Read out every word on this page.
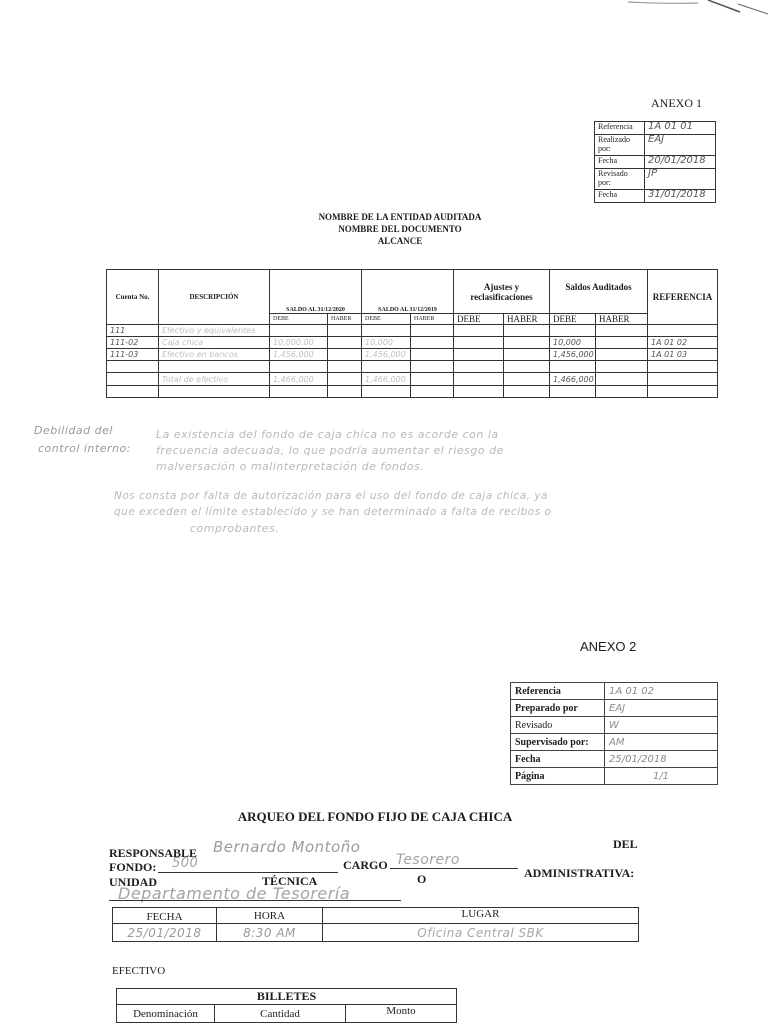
ANEXO 1
Referencia	1A 01 01
Realizado por:	EAJ
Fecha	20/01/2018
Revisado por:	JP
Fecha	31/01/2018
NOMBRE DE LA ENTIDAD AUDITADA
NOMBRE DEL DOCUMENTO
ALCANCE
Cuenta No.	DESCRIPCIÓN	SALDO AL 31/12/2020		SALDO AL 31/12/2019		Ajustes y reclasificaciones		Saldos Auditados		REFERENCIA
		DEBE	HABER	DEBE	HABER	DEBE	HABER	DEBE	HABER	
111	Efectivo y equivalentes									
111-02	Caja chica	10,000.00		10,000				10,000		1A 01 02
111-03	Efectivo en bancos	1,456,000		1,456,000				1,456,000		1A 01 03

	Total de efectivo	1,466,000		1,466,000				1,466,000		

Debilidad del
control interno:
La existencia del fondo de caja chica no es acorde con la
frecuencia adecuada, lo que podría aumentar el riesgo de
malversación o malinterpretación de fondos.
Nos consta por falta de autorización para el uso del fondo de caja chica, ya
que exceden el límite establecido y se han determinado a falta de recibos o
comprobantes.
ANEXO 2
Referencia	1A 01 02
Preparado por	EAJ
Revisado	W
Supervisado por:	AM
Fecha	25/01/2018
Página	1/1
ARQUEO DEL FONDO FIJO DE CAJA CHICA
RESPONSABLE Bernardo Montoño	DEL
FONDO: 500	CARGO Tesorero
ADMINISTRATIVA:
UNIDAD	TÉCNICA	O
Departamento de Tesorería
FECHA	HORA	LUGAR
25/01/2018	8:30 AM	Oficina Central SBK
EFECTIVO
BILLETES
Denominación	Cantidad	Monto
